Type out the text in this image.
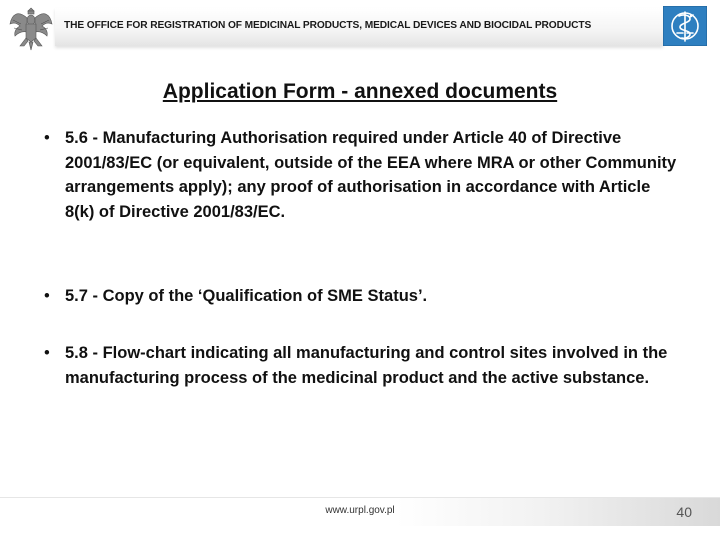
THE OFFICE FOR REGISTRATION OF MEDICINAL PRODUCTS, MEDICAL DEVICES AND BIOCIDAL PRODUCTS
Application Form - annexed documents
• 5.6 - Manufacturing Authorisation required under Article 40 of Directive 2001/83/EC (or equivalent, outside of the EEA where MRA or other Community arrangements apply); any proof of authorisation in accordance with Article 8(k) of Directive 2001/83/EC.
• 5.7 - Copy of the ‘Qualification of SME Status’.
• 5.8 - Flow-chart indicating all manufacturing and control sites involved in the manufacturing process of the medicinal product and the active substance.
www.urpl.gov.pl	40
